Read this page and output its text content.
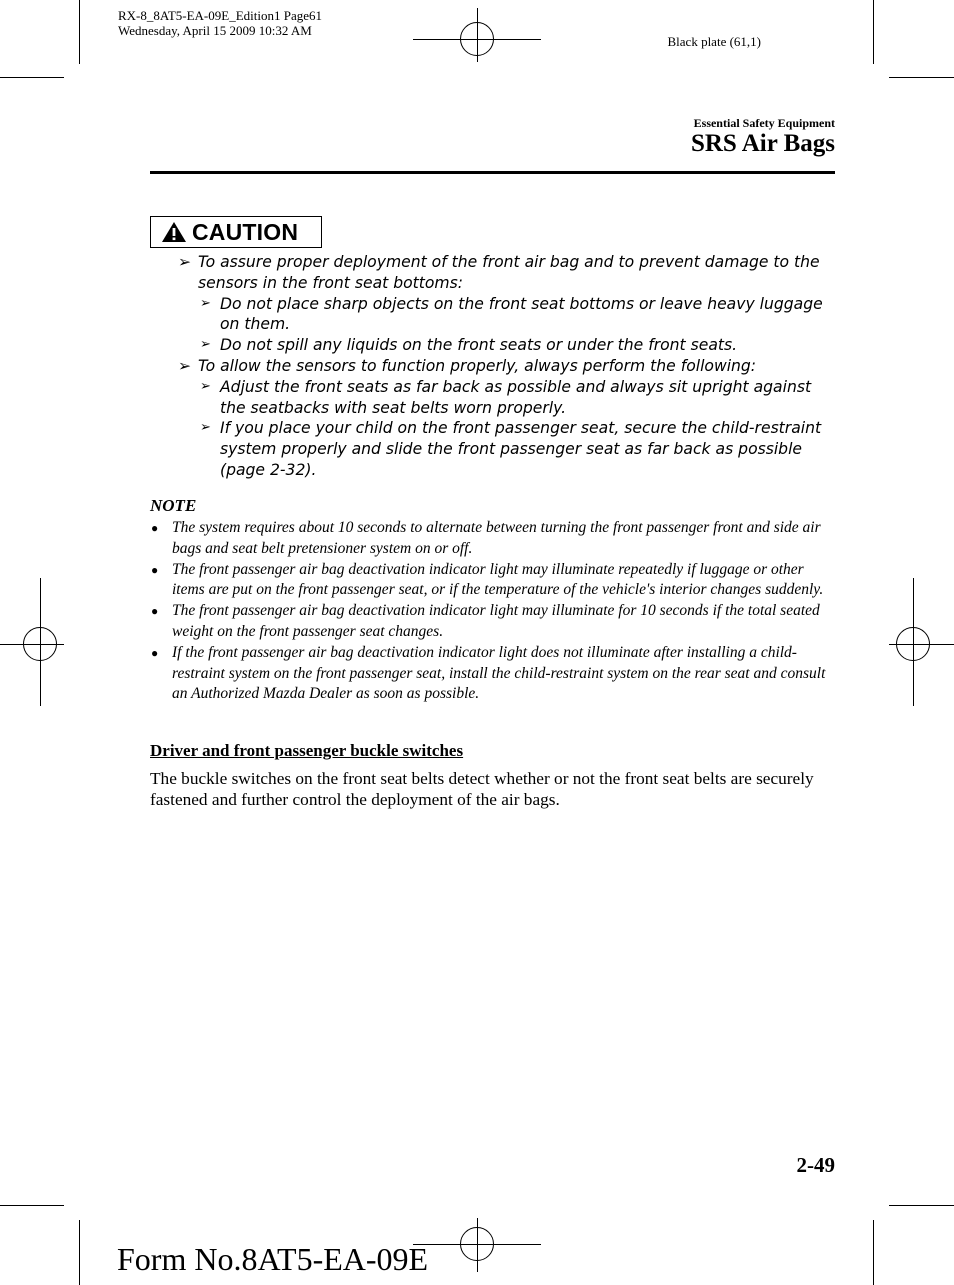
RX-8_8AT5-EA-09E_Edition1 Page61
Wednesday, April 15 2009 10:32 AM
Black plate (61,1)
Essential Safety Equipment
SRS Air Bags
CAUTION
➢ To assure proper deployment of the front air bag and to prevent damage to the sensors in the front seat bottoms:
➢ Do not place sharp objects on the front seat bottoms or leave heavy luggage on them.
➢ Do not spill any liquids on the front seats or under the front seats.
➢ To allow the sensors to function properly, always perform the following:
➢ Adjust the front seats as far back as possible and always sit upright against the seatbacks with seat belts worn properly.
➢ If you place your child on the front passenger seat, secure the child-restraint system properly and slide the front passenger seat as far back as possible (page 2-32).
NOTE
● The system requires about 10 seconds to alternate between turning the front passenger front and side air bags and seat belt pretensioner system on or off.
● The front passenger air bag deactivation indicator light may illuminate repeatedly if luggage or other items are put on the front passenger seat, or if the temperature of the vehicle's interior changes suddenly.
● The front passenger air bag deactivation indicator light may illuminate for 10 seconds if the total seated weight on the front passenger seat changes.
● If the front passenger air bag deactivation indicator light does not illuminate after installing a child-restraint system on the front passenger seat, install the child-restraint system on the rear seat and consult an Authorized Mazda Dealer as soon as possible.
Driver and front passenger buckle switches
The buckle switches on the front seat belts detect whether or not the front seat belts are securely fastened and further control the deployment of the air bags.
2-49
Form No.8AT5-EA-09E
